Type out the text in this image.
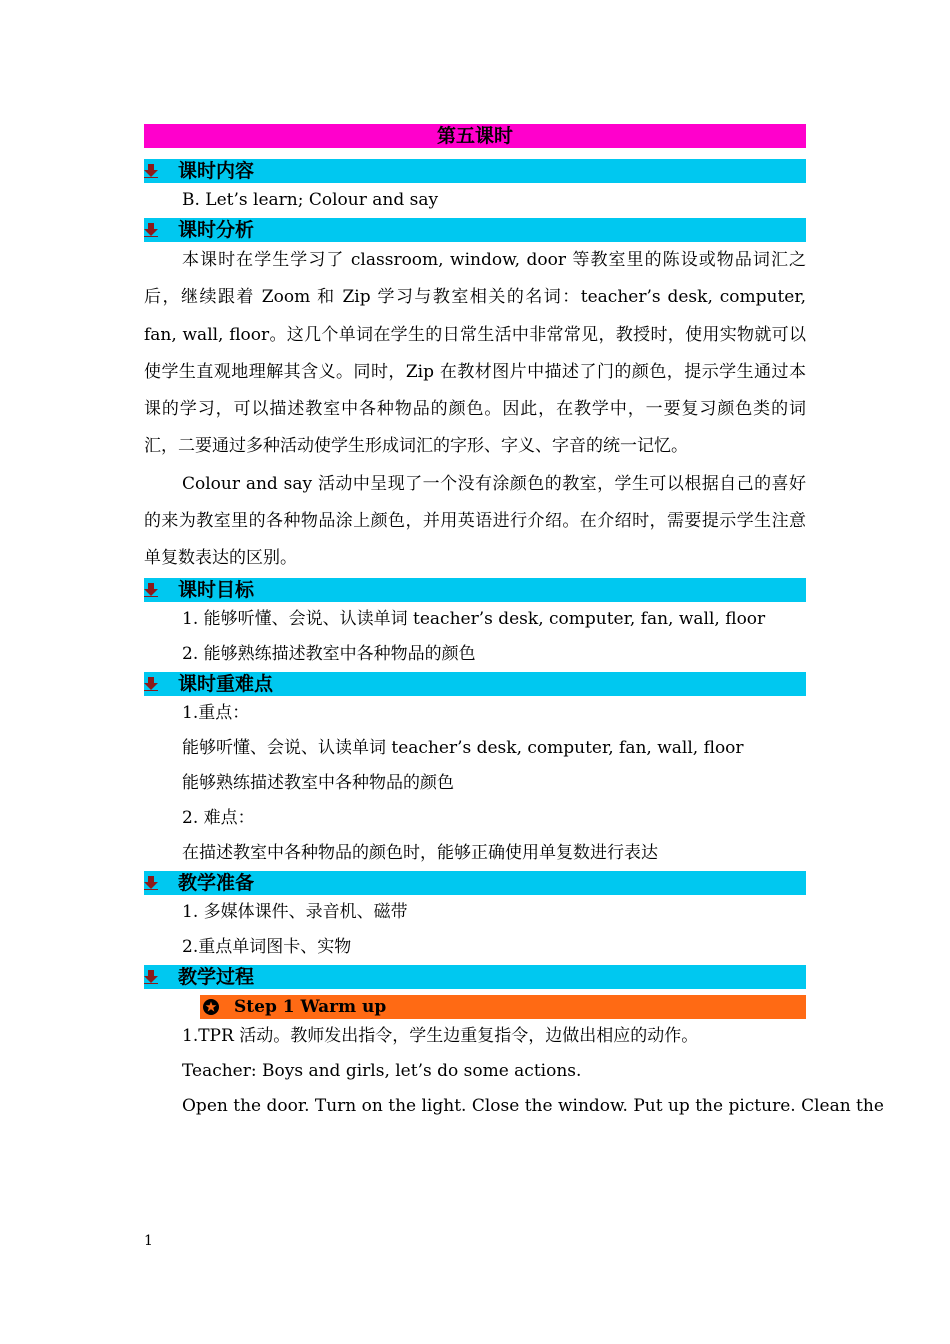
第五课时
课时内容
B. Let’s learn; Colour and say
课时分析
本课时在学生学习了 classroom, window, door 等教室里的陈设或物品词汇之后，继续跟着 Zoom 和 Zip 学习与教室相关的名词：teacher’s desk, computer, fan, wall, floor。这几个单词在学生的日常生活中非常常见，教授时，使用实物就可以使学生直观地理解其含义。同时，Zip 在教材图片中描述了门的颜色，提示学生通过本课的学习，可以描述教室中各种物品的颜色。因此，在教学中，一要复习颜色类的词汇，二要通过多种活动使学生形成词汇的字形、字义、字音的统一记忆。
Colour and say 活动中呈现了一个没有涂颜色的教室，学生可以根据自己的喜好的来为教室里的各种物品涂上颜色，并用英语进行介绍。在介绍时，需要提示学生注意单复数表达的区别。
课时目标
1. 能够听懂、会说、认读单词 teacher’s desk, computer, fan, wall, floor
2. 能够熟练描述教室中各种物品的颜色
课时重难点
1.重点：
能够听懂、会说、认读单词 teacher’s desk, computer, fan, wall, floor
能够熟练描述教室中各种物品的颜色
2. 难点：
在描述教室中各种物品的颜色时，能够正确使用单复数进行表达
教学准备
1. 多媒体课件、录音机、磁带
2.重点单词图卡、实物
教学过程
Step 1 Warm up
1.TPR 活动。教师发出指令，学生边重复指令，边做出相应的动作。
Teacher: Boys and girls, let’s do some actions.
Open the door. Turn on the light. Close the window. Put up the picture. Clean the
1
